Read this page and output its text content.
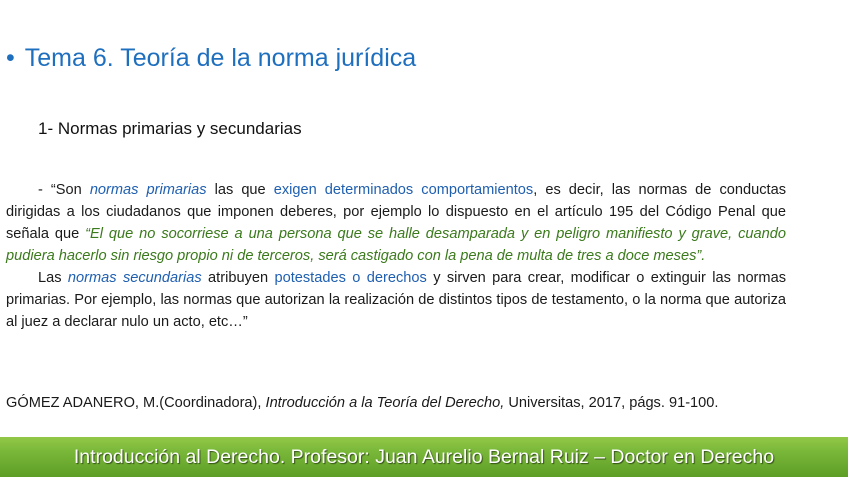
• Tema 6. Teoría de la norma jurídica
1- Normas primarias y secundarias

- “Son normas primarias las que exigen determinados comportamientos, es decir, las normas de conductas dirigidas a los ciudadanos que imponen deberes, por ejemplo lo dispuesto en el artículo 195 del Código Penal que señala que “El que no socorriese a una persona que se halle desamparada y en peligro manifiesto y grave, cuando pudiera hacerlo sin riesgo propio ni de terceros, será castigado con la pena de multa de tres a doce meses”.

Las normas secundarias atribuyen potestades o derechos y sirven para crear, modificar o extinguir las normas primarias. Por ejemplo, las normas que autorizan la realización de distintos tipos de testamento, o la norma que autoriza al juez a declarar nulo un acto, etc…”

GÓMEZ ADANERO, M.(Coordinadora), Introducción a la Teoría del Derecho, Universitas, 2017, págs. 91-100.
Introducción al Derecho. Profesor: Juan Aurelio Bernal Ruiz – Doctor en Derecho
